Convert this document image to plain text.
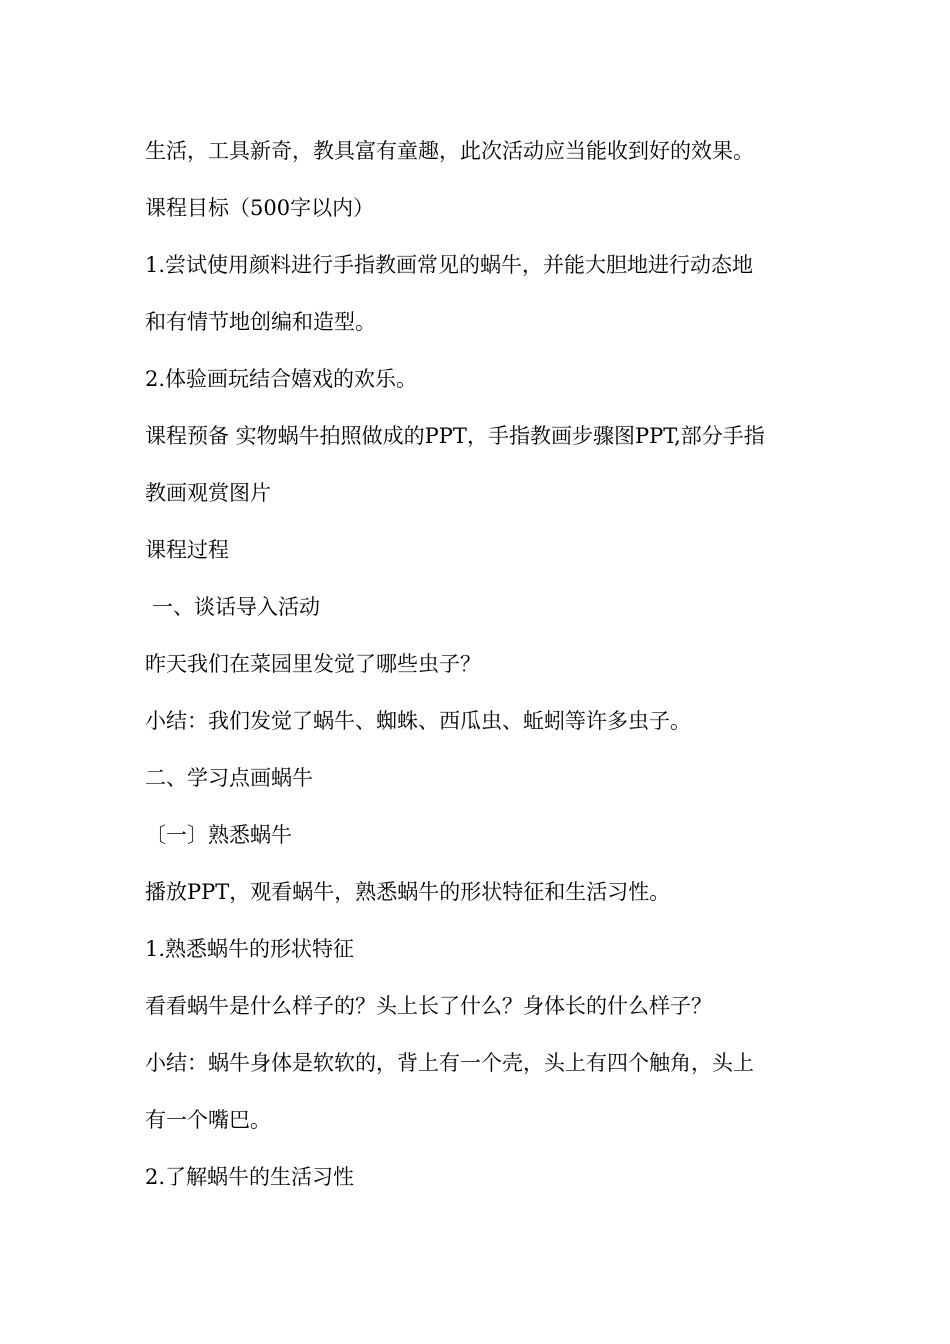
生活，工具新奇，教具富有童趣，此次活动应当能收到好的效果。
课程目标（500字以内）
1.尝试使用颜料进行手指教画常见的蜗牛，并能大胆地进行动态地
和有情节地创编和造型。
2.体验画玩结合嬉戏的欢乐。
课程预备 实物蜗牛拍照做成的PPT，手指教画步骤图PPT,部分手指
教画观赏图片
课程过程
一、谈话导入活动
昨天我们在菜园里发觉了哪些虫子？
小结：我们发觉了蜗牛、蜘蛛、西瓜虫、蚯蚓等许多虫子。
二、学习点画蜗牛
〔一〕熟悉蜗牛
播放PPT，观看蜗牛，熟悉蜗牛的形状特征和生活习性。
1.熟悉蜗牛的形状特征
看看蜗牛是什么样子的？头上长了什么？身体长的什么样子？
小结：蜗牛身体是软软的，背上有一个壳，头上有四个触角，头上
有一个嘴巴。
2.了解蜗牛的生活习性
